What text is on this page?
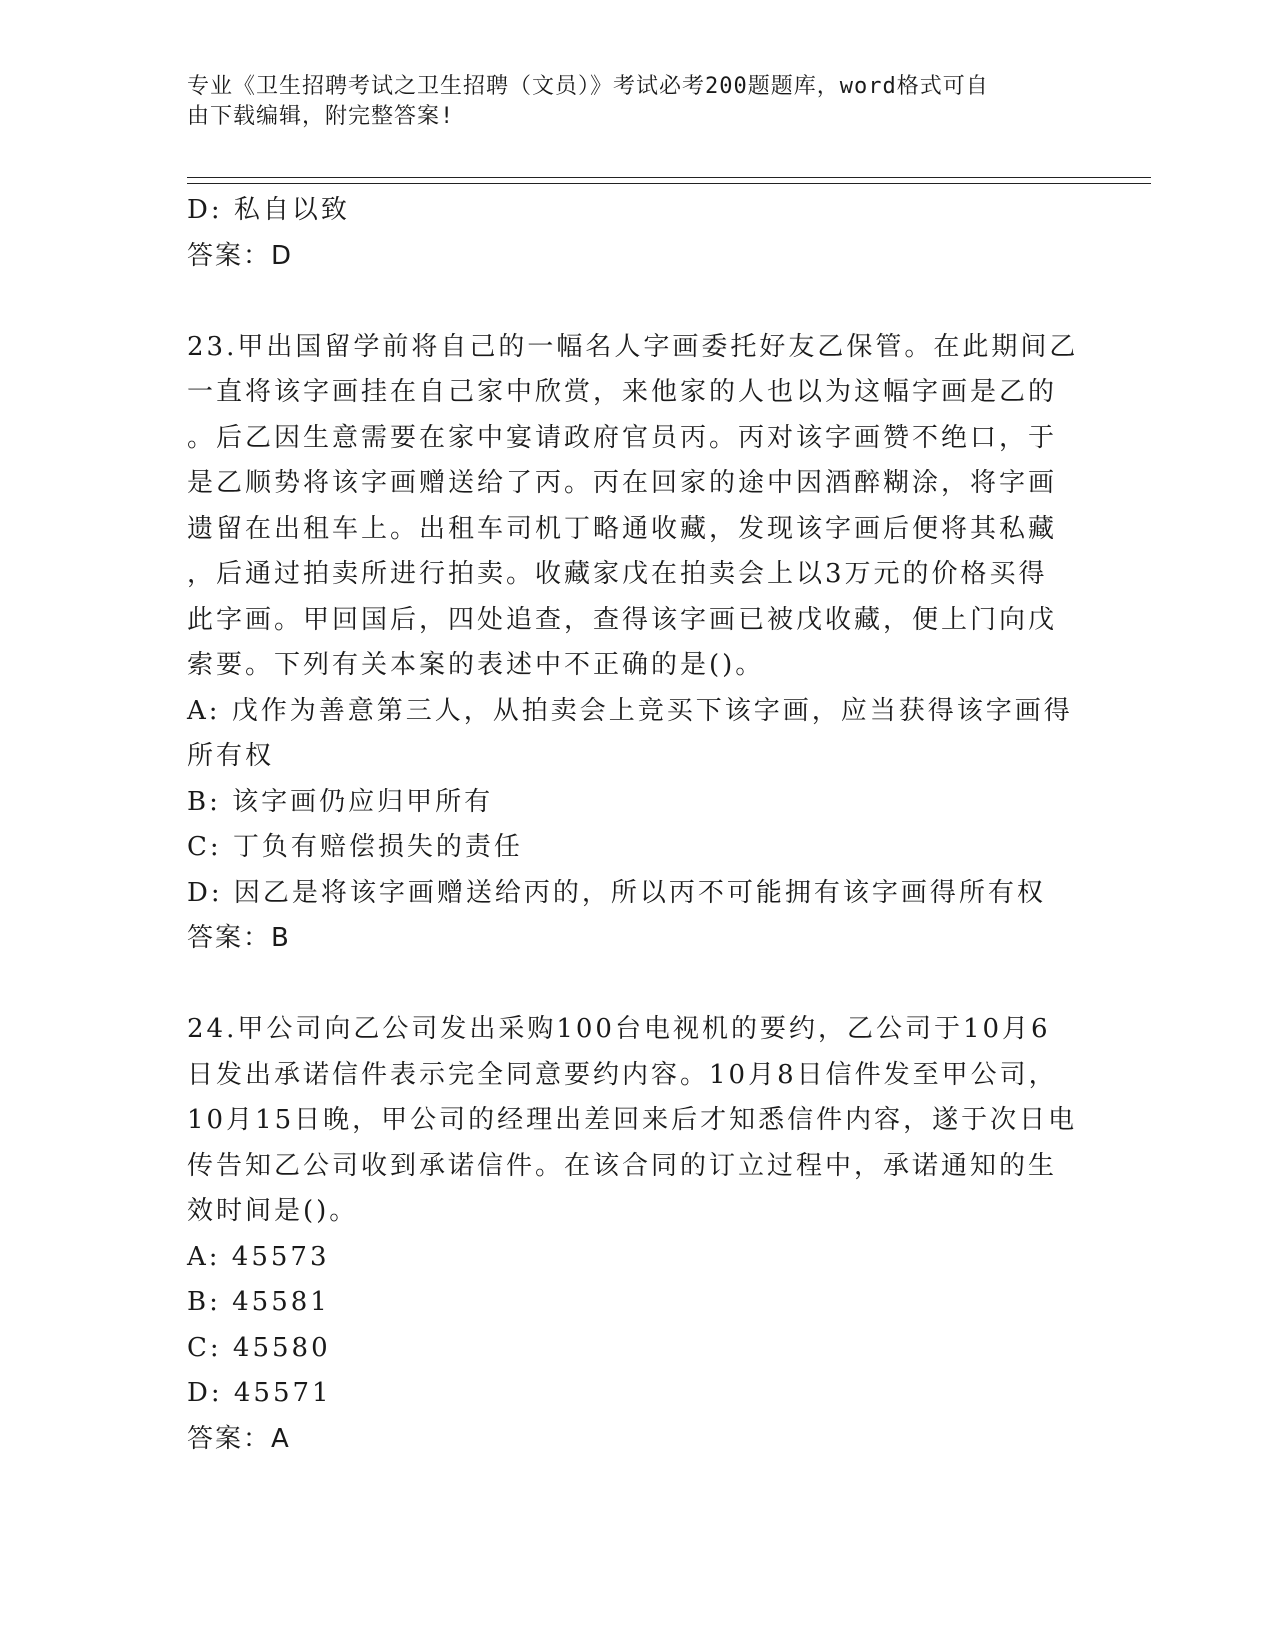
专业《卫生招聘考试之卫生招聘（文员）》考试必考200题题库，word格式可自
由下载编辑，附完整答案!
D: 私自以致
答案：D
23.甲出国留学前将自己的一幅名人字画委托好友乙保管。在此期间乙
一直将该字画挂在自己家中欣赏，来他家的人也以为这幅字画是乙的
。后乙因生意需要在家中宴请政府官员丙。丙对该字画赞不绝口，于
是乙顺势将该字画赠送给了丙。丙在回家的途中因酒醉糊涂，将字画
遗留在出租车上。出租车司机丁略通收藏，发现该字画后便将其私藏
，后通过拍卖所进行拍卖。收藏家戊在拍卖会上以3万元的价格买得
此字画。甲回国后，四处追查，查得该字画已被戊收藏，便上门向戊
索要。下列有关本案的表述中不正确的是()。
A: 戊作为善意第三人，从拍卖会上竞买下该字画，应当获得该字画得
所有权
B: 该字画仍应归甲所有
C: 丁负有赔偿损失的责任
D: 因乙是将该字画赠送给丙的，所以丙不可能拥有该字画得所有权
答案：B
24.甲公司向乙公司发出采购100台电视机的要约，乙公司于10月6
日发出承诺信件表示完全同意要约内容。10月8日信件发至甲公司，
10月15日晚，甲公司的经理出差回来后才知悉信件内容，遂于次日电
传告知乙公司收到承诺信件。在该合同的订立过程中，承诺通知的生
效时间是()。
A: 45573
B: 45581
C: 45580
D: 45571
答案：A
